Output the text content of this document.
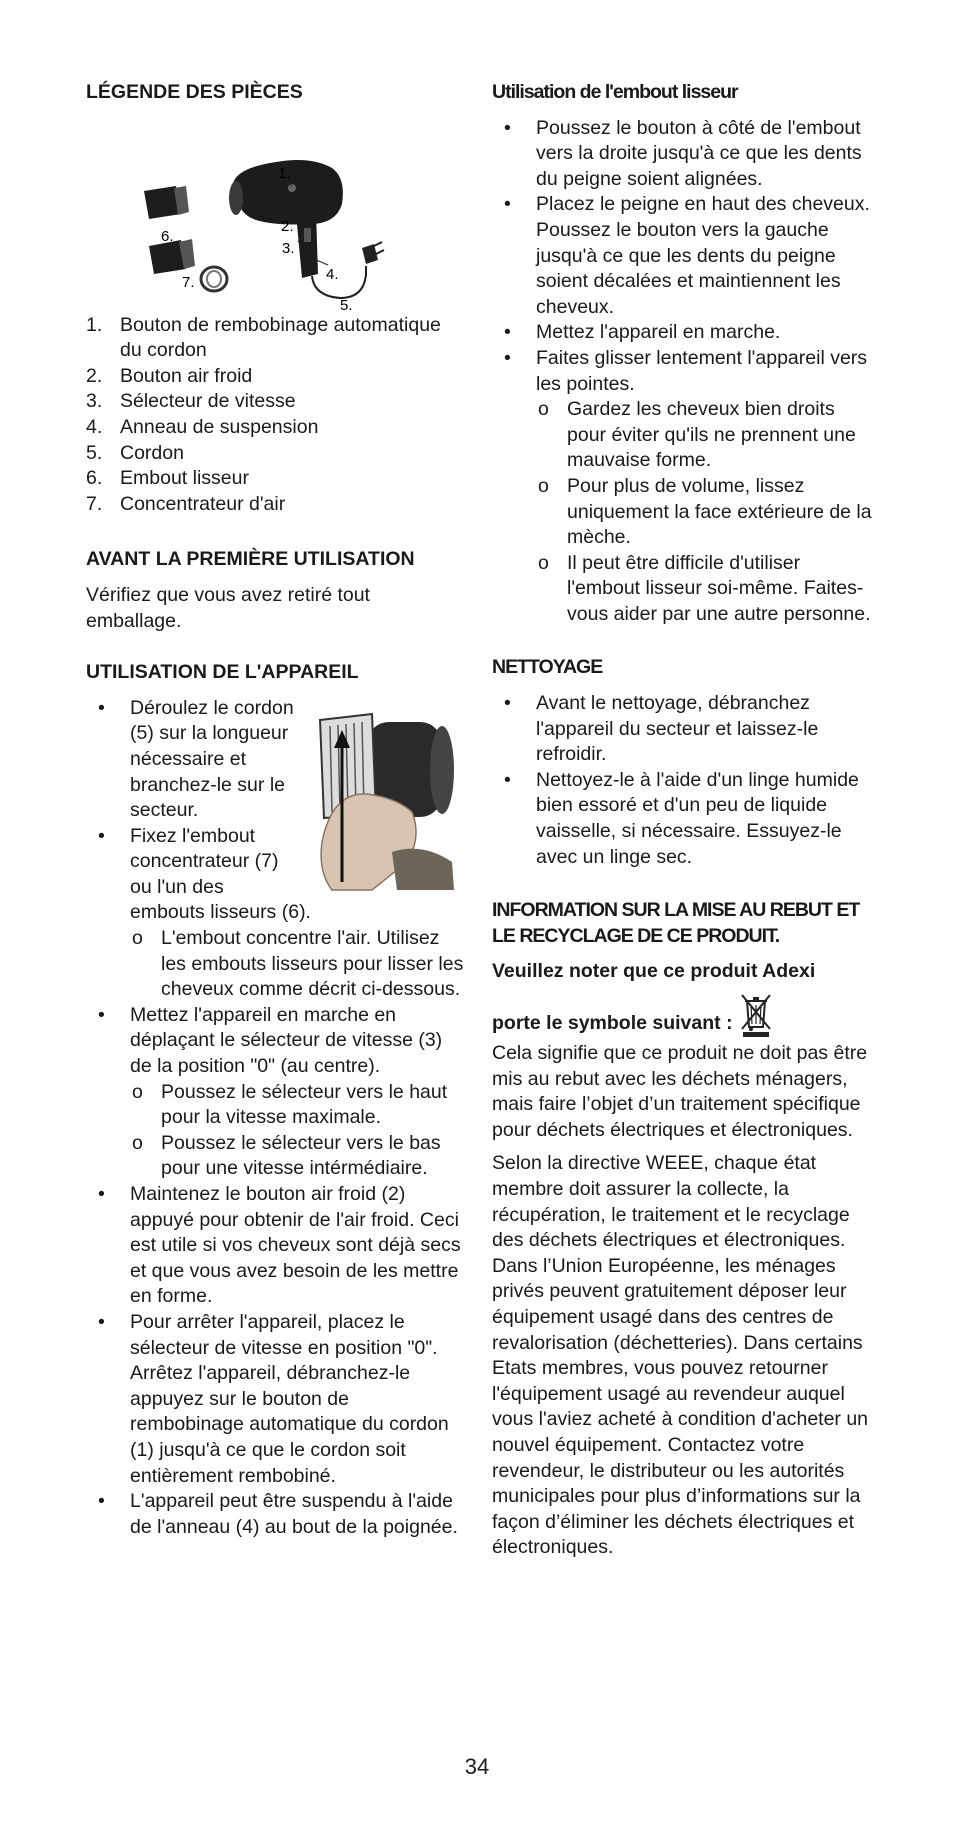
LÉGENDE DES PIÈCES
1.
2.
3.
4.
5.
6.
7.
1. Bouton de rembobinage automatique du cordon
2. Bouton air froid
3. Sélecteur de vitesse
4. Anneau de suspension
5. Cordon
6. Embout lisseur
7. Concentrateur d'air
AVANT LA PREMIÈRE UTILISATION

Vérifiez que vous avez retiré tout emballage.

UTILISATION DE L'APPAREIL
• Déroulez le cordon (5) sur la longueur nécessaire et branchez-le sur le secteur.
• Fixez l'embout concentrateur (7) ou l'un des embouts lisseurs (6).
o L'embout concentre l'air. Utilisez les embouts lisseurs pour lisser les cheveux comme décrit ci-dessous.
• Mettez l'appareil en marche en déplaçant le sélecteur de vitesse (3) de la position "0" (au centre).
o Poussez le sélecteur vers le haut pour la vitesse maximale.
o Poussez le sélecteur vers le bas pour une vitesse intérmédiaire.
• Maintenez le bouton air froid (2) appuyé pour obtenir de l'air froid. Ceci est utile si vos cheveux sont déjà secs et que vous avez besoin de les mettre en forme.
• Pour arrêter l'appareil, placez le sélecteur de vitesse en position "0". Arrêtez l'appareil, débranchez-le appuyez sur le bouton de rembobinage automatique du cordon (1) jusqu'à ce que le cordon soit entièrement rembobiné.
• L'appareil peut être suspendu à l'aide de l'anneau (4) au bout de la poignée.
Utilisation de l'embout lisseur
• Poussez le bouton à côté de l'embout vers la droite jusqu'à ce que les dents du peigne soient alignées.
• Placez le peigne en haut des cheveux. Poussez le bouton vers la gauche jusqu'à ce que les dents du peigne soient décalées et maintiennent les cheveux.
• Mettez l'appareil en marche.
• Faites glisser lentement l'appareil vers les pointes.
o Gardez les cheveux bien droits pour éviter qu'ils ne prennent une mauvaise forme.
o Pour plus de volume, lissez uniquement la face extérieure de la mèche.
o Il peut être difficile d'utiliser l'embout lisseur soi-même. Faites-vous aider par une autre personne.
NETTOYAGE
• Avant le nettoyage, débranchez l'appareil du secteur et laissez-le refroidir.
• Nettoyez-le à l'aide d'un linge humide bien essoré et d'un peu de liquide vaisselle, si nécessaire. Essuyez-le avec un linge sec.
INFORMATION SUR LA MISE AU REBUT ET LE RECYCLAGE DE CE PRODUIT.
Veuillez noter que ce produit Adexi
porte le symbole suivant :

Cela signifie que ce produit ne doit pas être mis au rebut avec les déchets ménagers, mais faire l’objet d’un traitement spécifique pour déchets électriques et électroniques.

Selon la directive WEEE, chaque état membre doit assurer la collecte, la récupération, le traitement et le recyclage des déchets électriques et électroniques. Dans l’Union Européenne, les ménages privés peuvent gratuitement déposer leur équipement usagé dans des centres de revalorisation (déchetteries). Dans certains Etats membres, vous pouvez retourner l'équipement usagé au revendeur auquel vous l'aviez acheté à condition d'acheter un nouvel équipement. Contactez votre revendeur, le distributeur ou les autorités municipales pour plus d’informations sur la façon d’éliminer les déchets électriques et électroniques.

34
